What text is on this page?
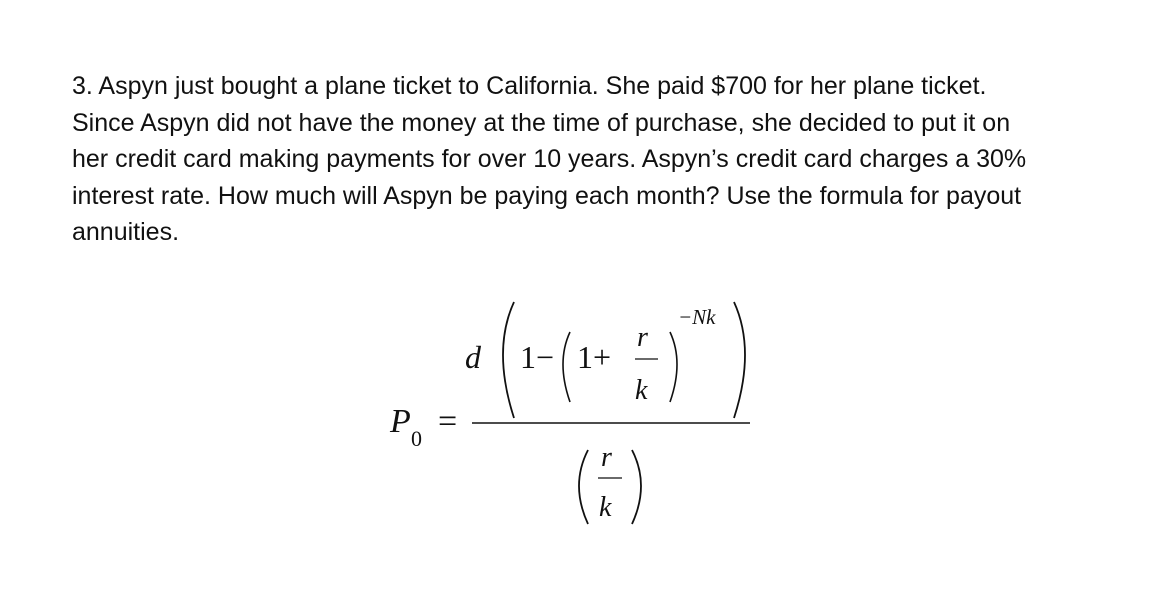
3. Aspyn just bought a plane ticket to California. She paid $700 for her plane ticket.
Since Aspyn did not have the money at the time of purchase, she decided to put it on
her credit card making payments for over 10 years. Aspyn’s credit card charges a 30%
interest rate. How much will Aspyn be paying each month? Use the formula for payout
annuities.
P 0 =
d 1− 1+
r
k
−Nk
r
k
